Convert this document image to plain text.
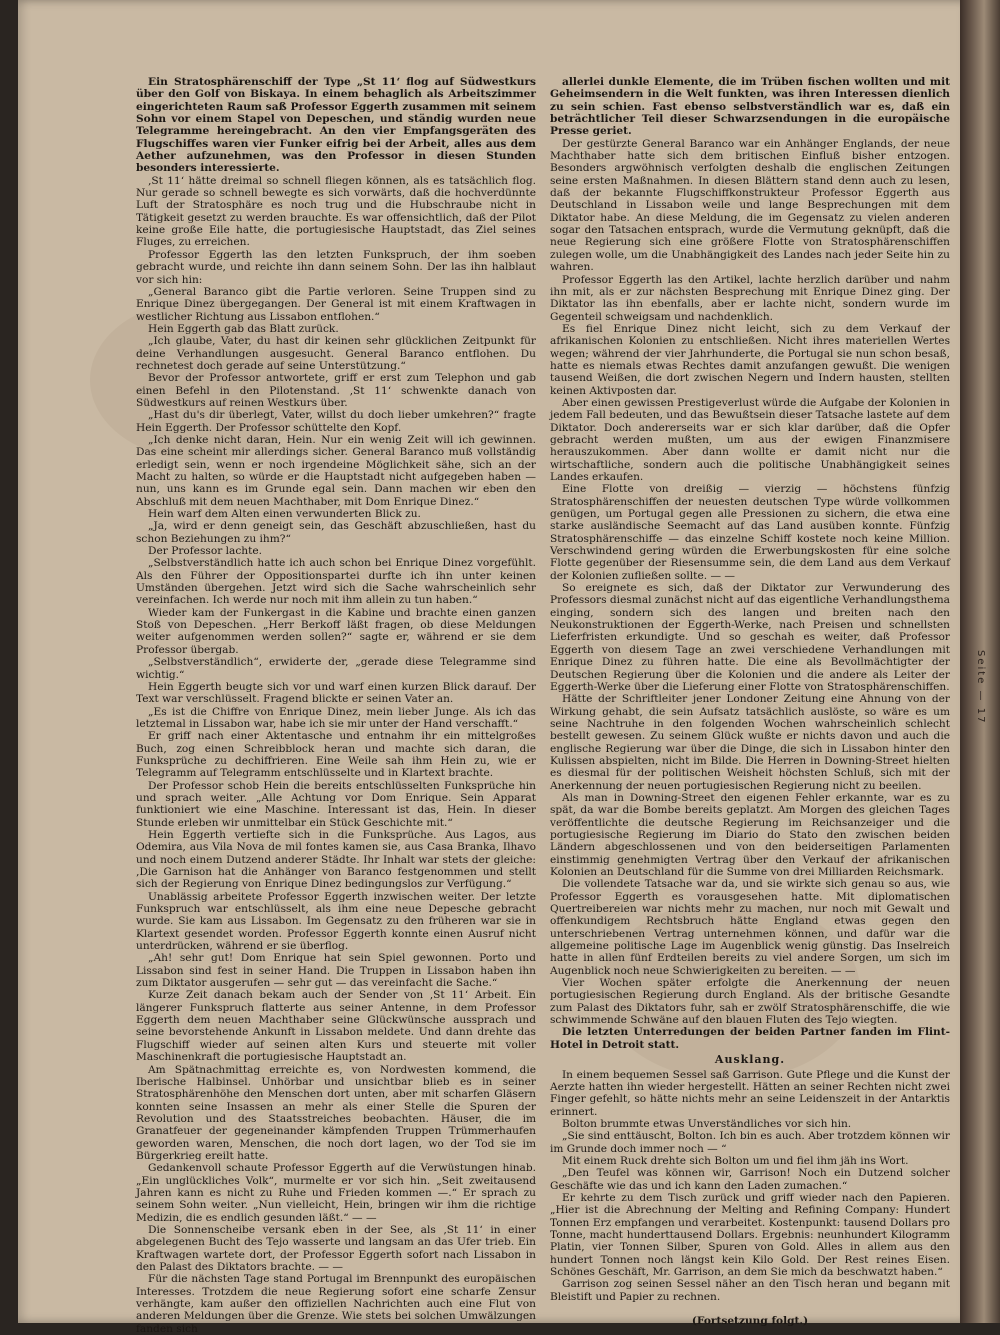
Seite — 17

Ein Stratosphärenschiff der Type „St 11‘ flog auf Südwestkurs über den Golf von Biskaya. In einem behaglich als Arbeitszimmer eingerichteten Raum saß Professor Eggerth zusammen mit seinem Sohn vor einem Stapel von Depeschen, und ständig wurden neue Telegramme hereingebracht. An den vier Empfangsgeräten des Flugschiffes waren vier Funker eifrig bei der Arbeit, alles aus dem Aether aufzunehmen, was den Professor in diesen Stunden besonders interessierte.

‚St 11‘ hätte dreimal so schnell fliegen können, als es tatsächlich flog. Nur gerade so schnell bewegte es sich vorwärts, daß die hochverdünnte Luft der Stratosphäre es noch trug und die Hubschraube nicht in Tätigkeit gesetzt zu werden brauchte. Es war offensichtlich, daß der Pilot keine große Eile hatte, die portugiesische Hauptstadt, das Ziel seines Fluges, zu erreichen.

Professor Eggerth las den letzten Funkspruch, der ihm soeben gebracht wurde, und reichte ihn dann seinem Sohn. Der las ihn halblaut vor sich hin:

„General Baranco gibt die Partie verloren. Seine Truppen sind zu Enrique Dinez übergegangen. Der General ist mit einem Kraftwagen in westlicher Richtung aus Lissabon entflohen.“

Hein Eggerth gab das Blatt zurück.

„Ich glaube, Vater, du hast dir keinen sehr glücklichen Zeitpunkt für deine Verhandlungen ausgesucht. General Baranco entflohen. Du rechnetest doch gerade auf seine Unterstützung.“

Bevor der Professor antwortete, griff er erst zum Telephon und gab einen Befehl in den Pilotenstand. ‚St 11‘ schwenkte danach von Südwestkurs auf reinen Westkurs über.

„Hast du's dir überlegt, Vater, willst du doch lieber umkehren?“ fragte Hein Eggerth. Der Professor schüttelte den Kopf.

„Ich denke nicht daran, Hein. Nur ein wenig Zeit will ich gewinnen. Das eine scheint mir allerdings sicher. General Baranco muß vollständig erledigt sein, wenn er noch irgendeine Möglichkeit sähe, sich an der Macht zu halten, so würde er die Hauptstadt nicht aufgegeben haben — nun, uns kann es im Grunde egal sein. Dann machen wir eben den Abschluß mit dem neuen Machthaber, mit Dom Enrique Dinez.“

Hein warf dem Alten einen verwunderten Blick zu.

„Ja, wird er denn geneigt sein, das Geschäft abzuschließen, hast du schon Beziehungen zu ihm?“

Der Professor lachte.

„Selbstverständlich hatte ich auch schon bei Enrique Dinez vorgefühlt. Als den Führer der Oppositionspartei durfte ich ihn unter keinen Umständen übergehen. Jetzt wird sich die Sache wahrscheinlich sehr vereinfachen. Ich werde nur noch mit ihm allein zu tun haben.“

Wieder kam der Funkergast in die Kabine und brachte einen ganzen Stoß von Depeschen. „Herr Berkoff läßt fragen, ob diese Meldungen weiter aufgenommen werden sollen?“ sagte er, während er sie dem Professor übergab.

„Selbstverständlich“, erwiderte der, „gerade diese Telegramme sind wichtig.“

Hein Eggerth beugte sich vor und warf einen kurzen Blick darauf. Der Text war verschlüsselt. Fragend blickte er seinen Vater an.

„Es ist die Chiffre von Enrique Dinez, mein lieber Junge. Als ich das letztemal in Lissabon war, habe ich sie mir unter der Hand verschafft.“

Er griff nach einer Aktentasche und entnahm ihr ein mittelgroßes Buch, zog einen Schreibblock heran und machte sich daran, die Funksprüche zu dechiffrieren. Eine Weile sah ihm Hein zu, wie er Telegramm auf Telegramm entschlüsselte und in Klartext brachte.

Der Professor schob Hein die bereits entschlüsselten Funksprüche hin und sprach weiter. „Alle Achtung vor Dom Enrique. Sein Apparat funktioniert wie eine Maschine. Interessant ist das, Hein. In dieser Stunde erleben wir unmittelbar ein Stück Geschichte mit.“

Hein Eggerth vertiefte sich in die Funksprüche. Aus Lagos, aus Odemira, aus Vila Nova de mil fontes kamen sie, aus Casa Branka, Ilhavo und noch einem Dutzend anderer Städte. Ihr Inhalt war stets der gleiche: ‚Die Garnison hat die Anhänger von Baranco festgenommen und stellt sich der Regierung von Enrique Dinez bedingungslos zur Verfügung.“

Unablässig arbeitete Professor Eggerth inzwischen weiter. Der letzte Funkspruch war entschlüsselt, als ihm eine neue Depesche gebracht wurde. Sie kam aus Lissabon. Im Gegensatz zu den früheren war sie in Klartext gesendet worden. Professor Eggerth konnte einen Ausruf nicht unterdrücken, während er sie überflog.

„Ah! sehr gut! Dom Enrique hat sein Spiel gewonnen. Porto und Lissabon sind fest in seiner Hand. Die Truppen in Lissabon haben ihn zum Diktator ausgerufen — sehr gut — das vereinfacht die Sache.“

Kurze Zeit danach bekam auch der Sender von ‚St 11‘ Arbeit. Ein längerer Funkspruch flatterte aus seiner Antenne, in dem Professor Eggerth dem neuen Machthaber seine Glückwünsche aussprach und seine bevorstehende Ankunft in Lissabon meldete. Und dann drehte das Flugschiff wieder auf seinen alten Kurs und steuerte mit voller Maschinenkraft die portugiesische Hauptstadt an.

Am Spätnachmittag erreichte es, von Nordwesten kommend, die Iberische Halbinsel. Unhörbar und unsichtbar blieb es in seiner Stratosphärenhöhe den Menschen dort unten, aber mit scharfen Gläsern konnten seine Insassen an mehr als einer Stelle die Spuren der Revolution und des Staatsstreiches beobachten. Häuser, die im Granatfeuer der gegeneinander kämpfenden Truppen Trümmerhaufen geworden waren, Menschen, die noch dort lagen, wo der Tod sie im Bürgerkrieg ereilt hatte.

Gedankenvoll schaute Professor Eggerth auf die Verwüstungen hinab. „Ein unglückliches Volk“, murmelte er vor sich hin. „Seit zweitausend Jahren kann es nicht zu Ruhe und Frieden kommen —.“ Er sprach zu seinem Sohn weiter. „Nun vielleicht, Hein, bringen wir ihm die richtige Medizin, die es endlich gesunden läßt.“ — —

Die Sonnenscheibe versank eben in der See, als ‚St 11‘ in einer abgelegenen Bucht des Tejo wasserte und langsam an das Ufer trieb. Ein Kraftwagen wartete dort, der Professor Eggerth sofort nach Lissabon in den Palast des Diktators brachte. — —

Für die nächsten Tage stand Portugal im Brennpunkt des europäischen Interesses. Trotzdem die neue Regierung sofort eine scharfe Zensur verhängte, kam außer den offiziellen Nachrichten auch eine Flut von anderen Meldungen über die Grenze. Wie stets bei solchen Umwälzungen fanden sich

allerlei dunkle Elemente, die im Trüben fischen wollten und mit Geheimsendern in die Welt funkten, was ihren Interessen dienlich zu sein schien. Fast ebenso selbstverständlich war es, daß ein beträchtlicher Teil dieser Schwarzsendungen in die europäische Presse geriet.

Der gestürzte General Baranco war ein Anhänger Englands, der neue Machthaber hatte sich dem britischen Einfluß bisher entzogen. Besonders argwöhnisch verfolgten deshalb die englischen Zeitungen seine ersten Maßnahmen. In diesen Blättern stand denn auch zu lesen, daß der bekannte Flugschiffkonstrukteur Professor Eggerth aus Deutschland in Lissabon weile und lange Besprechungen mit dem Diktator habe. An diese Meldung, die im Gegensatz zu vielen anderen sogar den Tatsachen entsprach, wurde die Vermutung geknüpft, daß die neue Regierung sich eine größere Flotte von Stratosphärenschiffen zulegen wolle, um die Unabhängigkeit des Landes nach jeder Seite hin zu wahren.

Professor Eggerth las den Artikel, lachte herzlich darüber und nahm ihn mit, als er zur nächsten Besprechung mit Enrique Dinez ging. Der Diktator las ihn ebenfalls, aber er lachte nicht, sondern wurde im Gegenteil schweigsam und nachdenklich.

Es fiel Enrique Dinez nicht leicht, sich zu dem Verkauf der afrikanischen Kolonien zu entschließen. Nicht ihres materiellen Wertes wegen; während der vier Jahrhunderte, die Portugal sie nun schon besaß, hatte es niemals etwas Rechtes damit anzufangen gewußt. Die wenigen tausend Weißen, die dort zwischen Negern und Indern hausten, stellten keinen Aktivposten dar.

Aber einen gewissen Prestigeverlust würde die Aufgabe der Kolonien in jedem Fall bedeuten, und das Bewußtsein dieser Tatsache lastete auf dem Diktator. Doch andererseits war er sich klar darüber, daß die Opfer gebracht werden mußten, um aus der ewigen Finanzmisere herauszukommen. Aber dann wollte er damit nicht nur die wirtschaftliche, sondern auch die politische Unabhängigkeit seines Landes erkaufen.

Eine Flotte von dreißig — vierzig — höchstens fünfzig Stratosphärenschiffen der neuesten deutschen Type würde vollkommen genügen, um Portugal gegen alle Pressionen zu sichern, die etwa eine starke ausländische Seemacht auf das Land ausüben konnte. Fünfzig Stratosphärenschiffe — das einzelne Schiff kostete noch keine Million. Verschwindend gering würden die Erwerbungskosten für eine solche Flotte gegenüber der Riesensumme sein, die dem Land aus dem Verkauf der Kolonien zufließen sollte. — —

So ereignete es sich, daß der Diktator zur Verwunderung des Professors diesmal zunächst nicht auf das eigentliche Verhandlungsthema einging, sondern sich des langen und breiten nach den Neukonstruktionen der Eggerth-Werke, nach Preisen und schnellsten Lieferfristen erkundigte. Und so geschah es weiter, daß Professor Eggerth von diesem Tage an zwei verschiedene Verhandlungen mit Enrique Dinez zu führen hatte. Die eine als Bevollmächtigter der Deutschen Regierung über die Kolonien und die andere als Leiter der Eggerth-Werke über die Lieferung einer Flotte von Stratosphärenschiffen.

Hätte der Schriftleiter jener Londoner Zeitung eine Ahnung von der Wirkung gehabt, die sein Aufsatz tatsächlich auslöste, so wäre es um seine Nachtruhe in den folgenden Wochen wahrscheinlich schlecht bestellt gewesen. Zu seinem Glück wußte er nichts davon und auch die englische Regierung war über die Dinge, die sich in Lissabon hinter den Kulissen abspielten, nicht im Bilde. Die Herren in Downing-Street hielten es diesmal für der politischen Weisheit höchsten Schluß, sich mit der Anerkennung der neuen portugiesischen Regierung nicht zu beeilen.

Als man in Downing-Street den eigenen Fehler erkannte, war es zu spät, da war die Bombe bereits geplatzt. Am Morgen des gleichen Tages veröffentlichte die deutsche Regierung im Reichsanzeiger und die portugiesische Regierung im Diario do Stato den zwischen beiden Ländern abgeschlossenen und von den beiderseitigen Parlamenten einstimmig genehmigten Vertrag über den Verkauf der afrikanischen Kolonien an Deutschland für die Summe von drei Milliarden Reichsmark.

Die vollendete Tatsache war da, und sie wirkte sich genau so aus, wie Professor Eggerth es vorausgesehen hatte. Mit diplomatischen Quertreibereien war nichts mehr zu machen, nur noch mit Gewalt und offenkundigem Rechtsbruch hätte England etwas gegen den unterschriebenen Vertrag unternehmen können, und dafür war die allgemeine politische Lage im Augenblick wenig günstig. Das Inselreich hatte in allen fünf Erdteilen bereits zu viel andere Sorgen, um sich im Augenblick noch neue Schwierigkeiten zu bereiten. — —

Vier Wochen später erfolgte die Anerkennung der neuen portugiesischen Regierung durch England. Als der britische Gesandte zum Palast des Diktators fuhr, sah er zwölf Stratosphärenschiffe, die wie schwimmende Schwäne auf den blauen Fluten des Tejo wiegten.

Die letzten Unterredungen der beiden Partner fanden im Flint-Hotel in Detroit statt.

Ausklang.

In einem bequemen Sessel saß Garrison. Gute Pflege und die Kunst der Aerzte hatten ihn wieder hergestellt. Hätten an seiner Rechten nicht zwei Finger gefehlt, so hätte nichts mehr an seine Leidenszeit in der Antarktis erinnert.

Bolton brummte etwas Unverständliches vor sich hin.

„Sie sind enttäuscht, Bolton. Ich bin es auch. Aber trotzdem können wir im Grunde doch immer noch — “

Mit einem Ruck drehte sich Bolton um und fiel ihm jäh ins Wort.

„Den Teufel was können wir, Garrison! Noch ein Dutzend solcher Geschäfte wie das und ich kann den Laden zumachen.“

Er kehrte zu dem Tisch zurück und griff wieder nach den Papieren. „Hier ist die Abrechnung der Melting and Refining Company: Hundert Tonnen Erz empfangen und verarbeitet. Kostenpunkt: tausend Dollars pro Tonne, macht hunderttausend Dollars. Ergebnis: neunhundert Kilogramm Platin, vier Tonnen Silber, Spuren von Gold. Alles in allem aus den hundert Tonnen noch längst kein Kilo Gold. Der Rest reines Eisen. Schönes Geschäft, Mr. Garrison, an dem Sie mich da beschwatzt haben.“

Garrison zog seinen Sessel näher an den Tisch heran und begann mit Bleistift und Papier zu rechnen.

(Fortsetzung folgt.)
